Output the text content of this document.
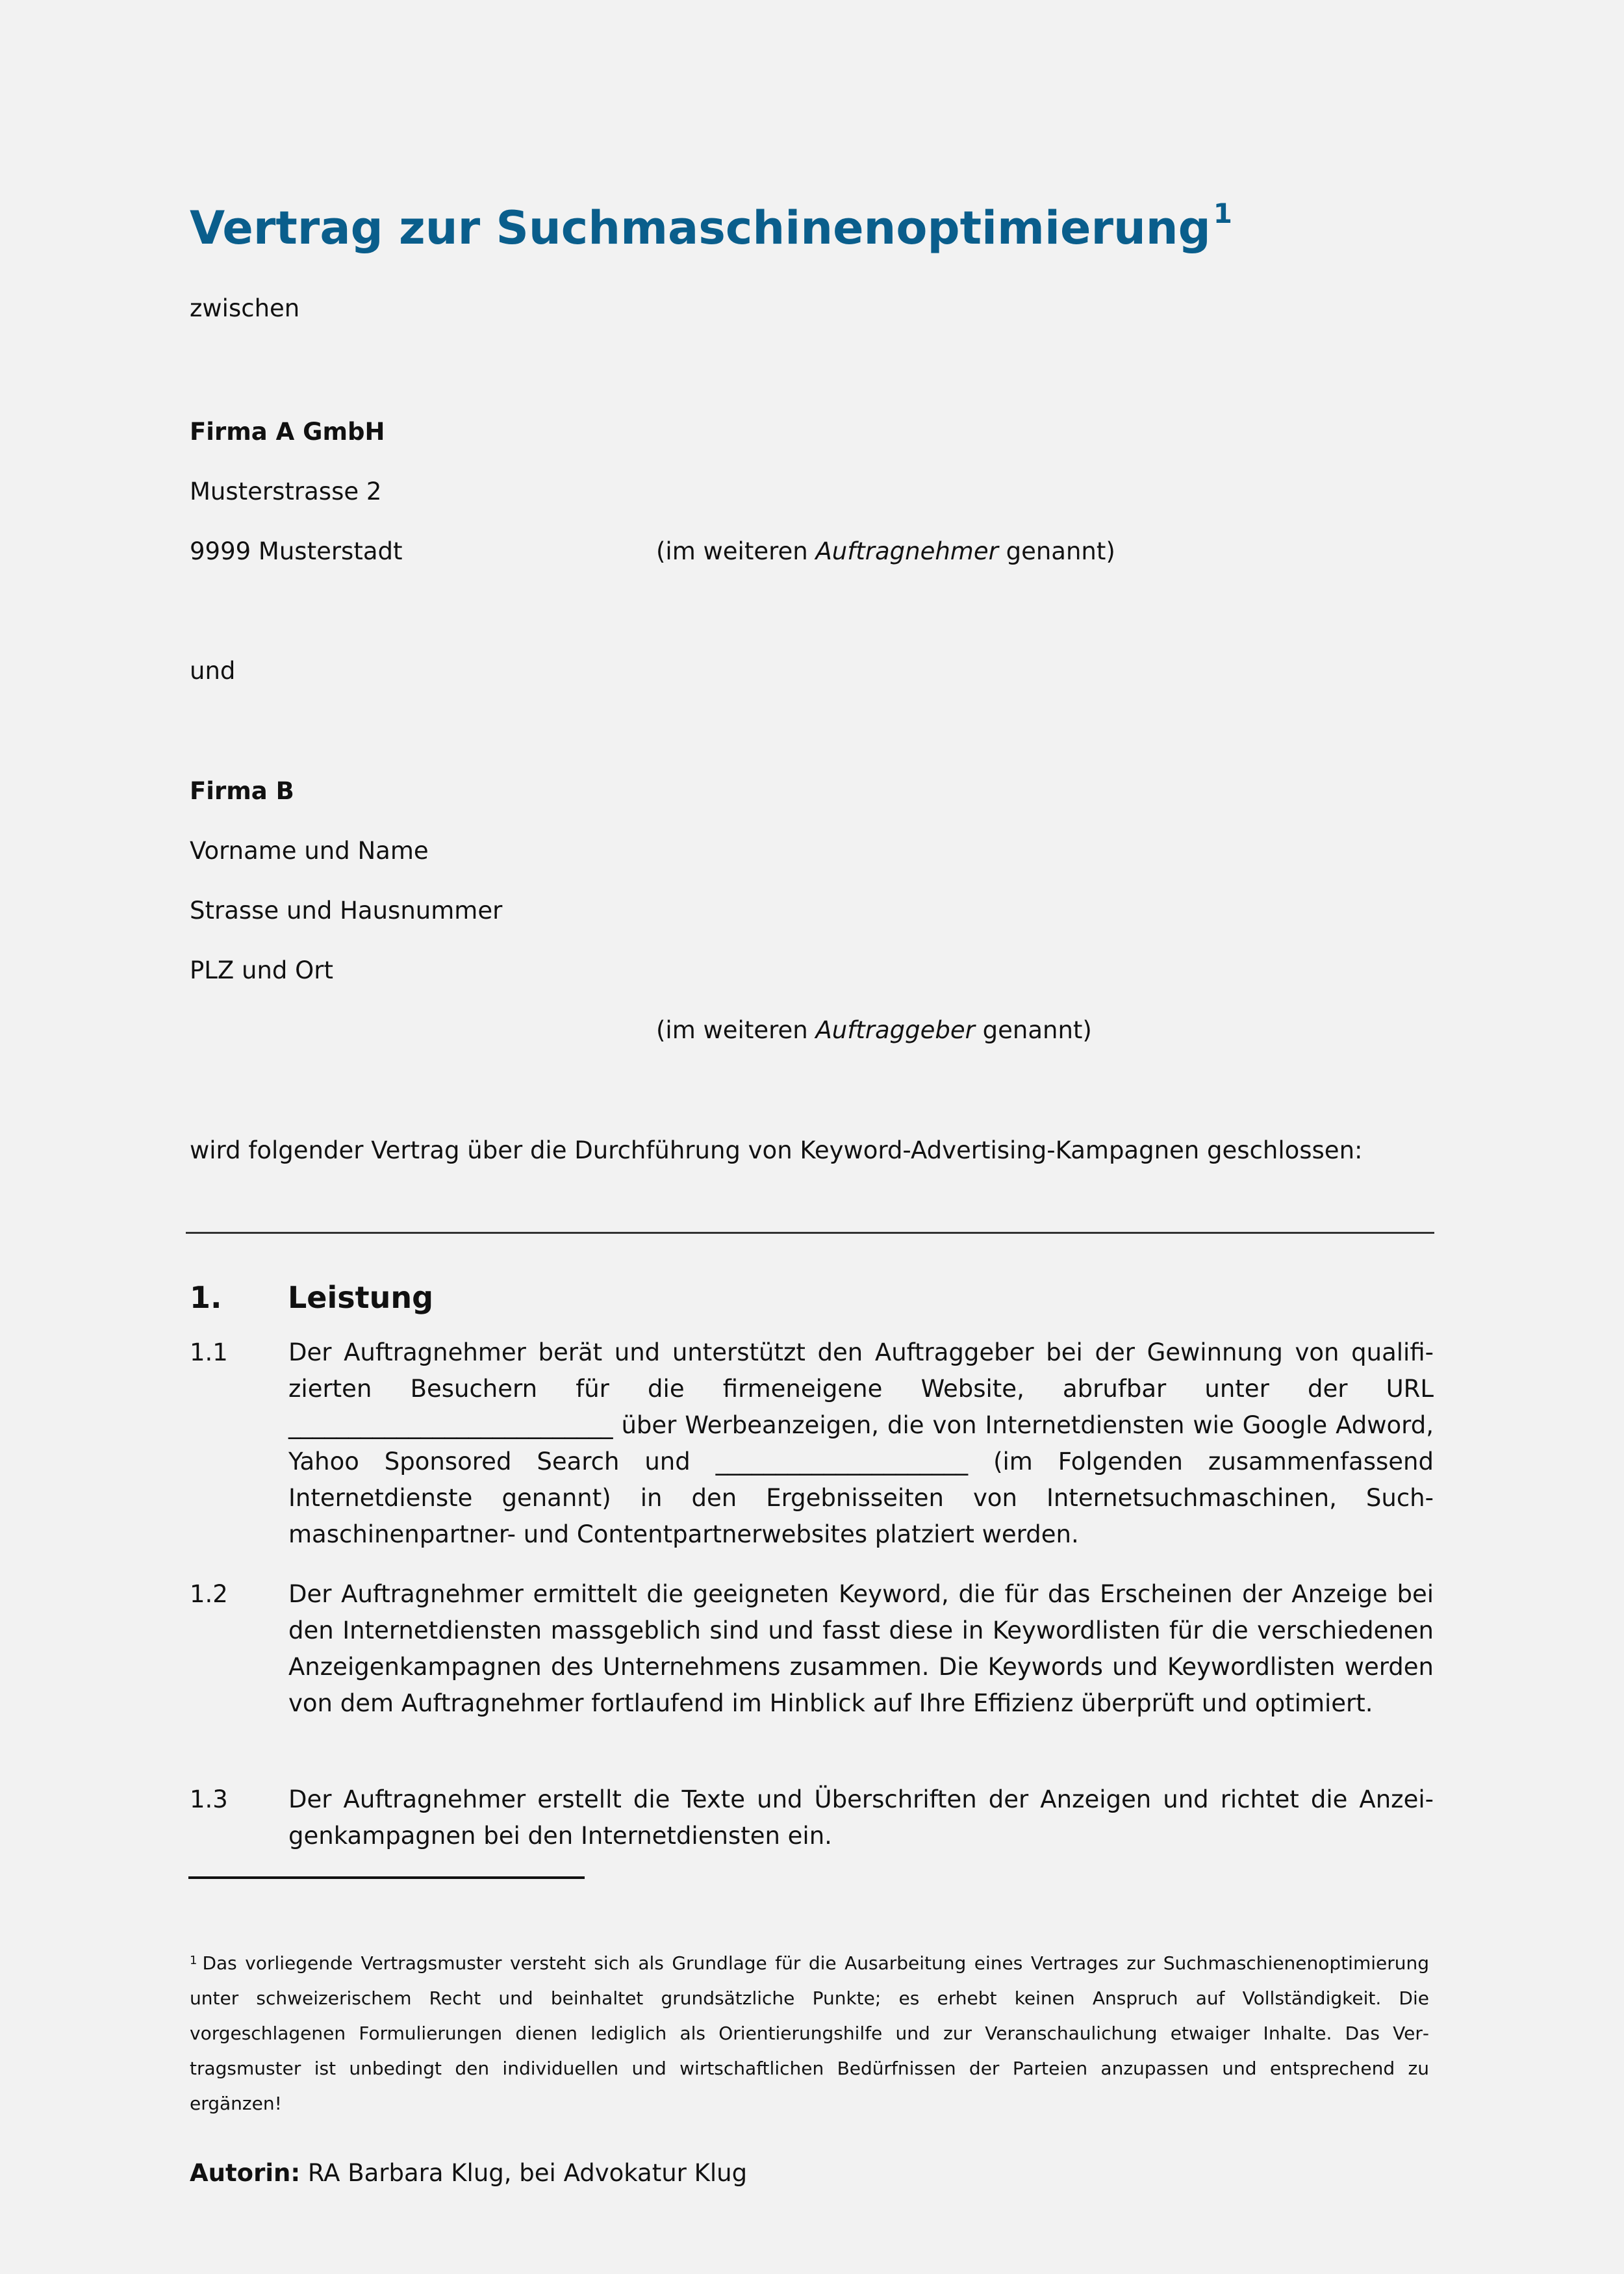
Vertrag zur Suchmaschinenoptimierung$^1$
zwischen
Firma A GmbH
Musterstrasse 2
9999 Musterstadt	(im weiteren Auftragnehmer genannt)
und
Firma B
Vorname und Name
Strasse und Hausnummer
PLZ und Ort
(im weiteren Auftraggeber genannt)
wird folgender Vertrag über die Durchführung von Keyword-Advertising-Kampagnen geschlossen:
1. Leistung
1.1	Der Auftragnehmer berät und unterstützt den Auftraggeber bei der Gewinnung von qualifizierten Besuchern für die firmeneigene Website, abrufbar unter der URL ___________________________ über Werbeanzeigen, die von Internetdiensten wie Google Adword, Yahoo Sponsored Search und _____________________ (im Folgenden zusammenfassend Internetdienste genannt) in den Ergebnisseiten von Internetsuchmaschinen, Suchmaschinenpartner- und Contentpartnerwebsites platziert werden.
1.2	Der Auftragnehmer ermittelt die geeigneten Keyword, die für das Erscheinen der Anzeige bei den Internetdiensten massgeblich sind und fasst diese in Keywordlisten für die verschiedenen Anzeigenkampagnen des Unternehmens zusammen. Die Keywords und Keywordlisten werden von dem Auftragnehmer fortlaufend im Hinblick auf Ihre Effizienz überprüft und optimiert.
1.3	Der Auftragnehmer erstellt die Texte und Überschriften der Anzeigen und richtet die Anzeigenkampagnen bei den Internetdiensten ein.
$^1$ Das vorliegende Vertragsmuster versteht sich als Grundlage für die Ausarbeitung eines Vertrages zur Suchmaschienenoptimierung unter schweizerischem Recht und beinhaltet grundsätzliche Punkte; es erhebt keinen Anspruch auf Vollständigkeit. Die vorgeschlagenen Formulierungen dienen lediglich als Orientierungshilfe und zur Veranschaulichung etwaiger Inhalte. Das Vertragsmuster ist unbedingt den individuellen und wirtschaftlichen Bedürfnissen der Parteien anzupassen und entsprechend zu ergänzen!
Autorin: RA Barbara Klug, bei Advokatur Klug
